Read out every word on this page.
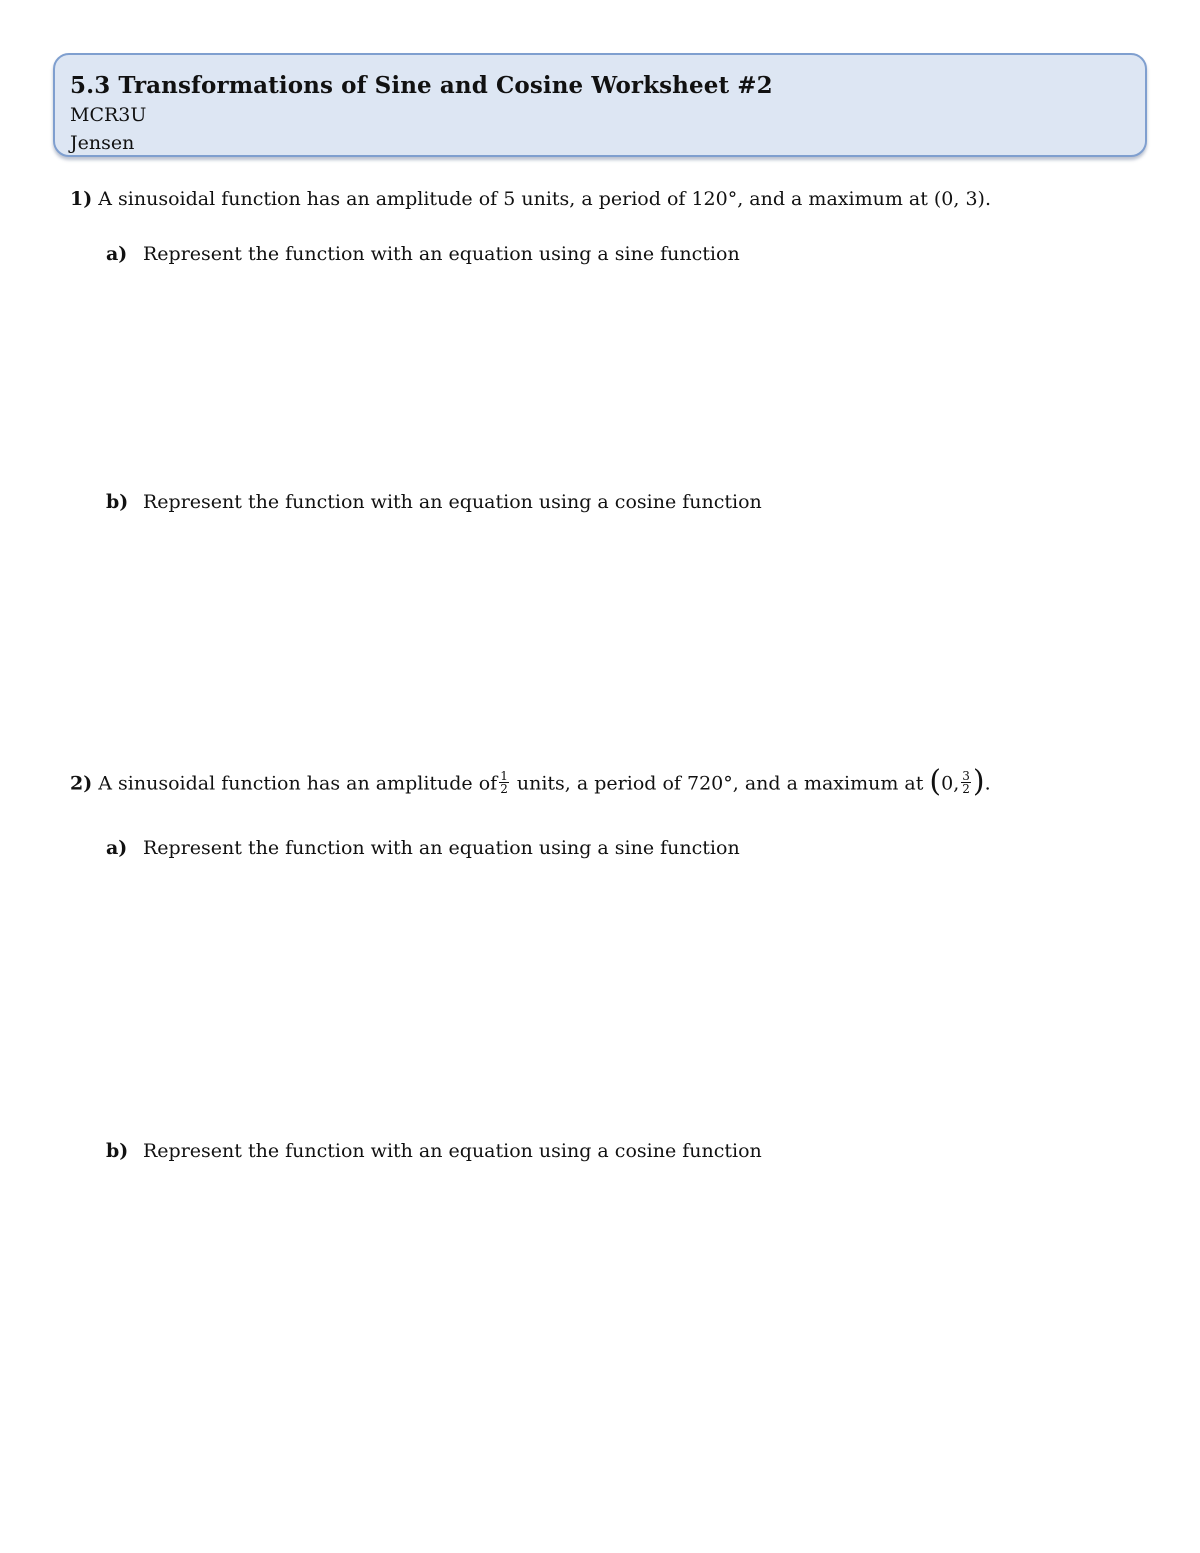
5.3 Transformations of Sine and Cosine Worksheet #2
MCR3U
Jensen
1) A sinusoidal function has an amplitude of 5 units, a period of 120°, and a maximum at (0, 3).
a) Represent the function with an equation using a sine function
b) Represent the function with an equation using a cosine function
2) A sinusoidal function has an amplitude of $\frac{1}{2}$ units, a period of 720°, and a maximum at (0, $\frac{3}{2}$ ).
a) Represent the function with an equation using a sine function
b) Represent the function with an equation using a cosine function
